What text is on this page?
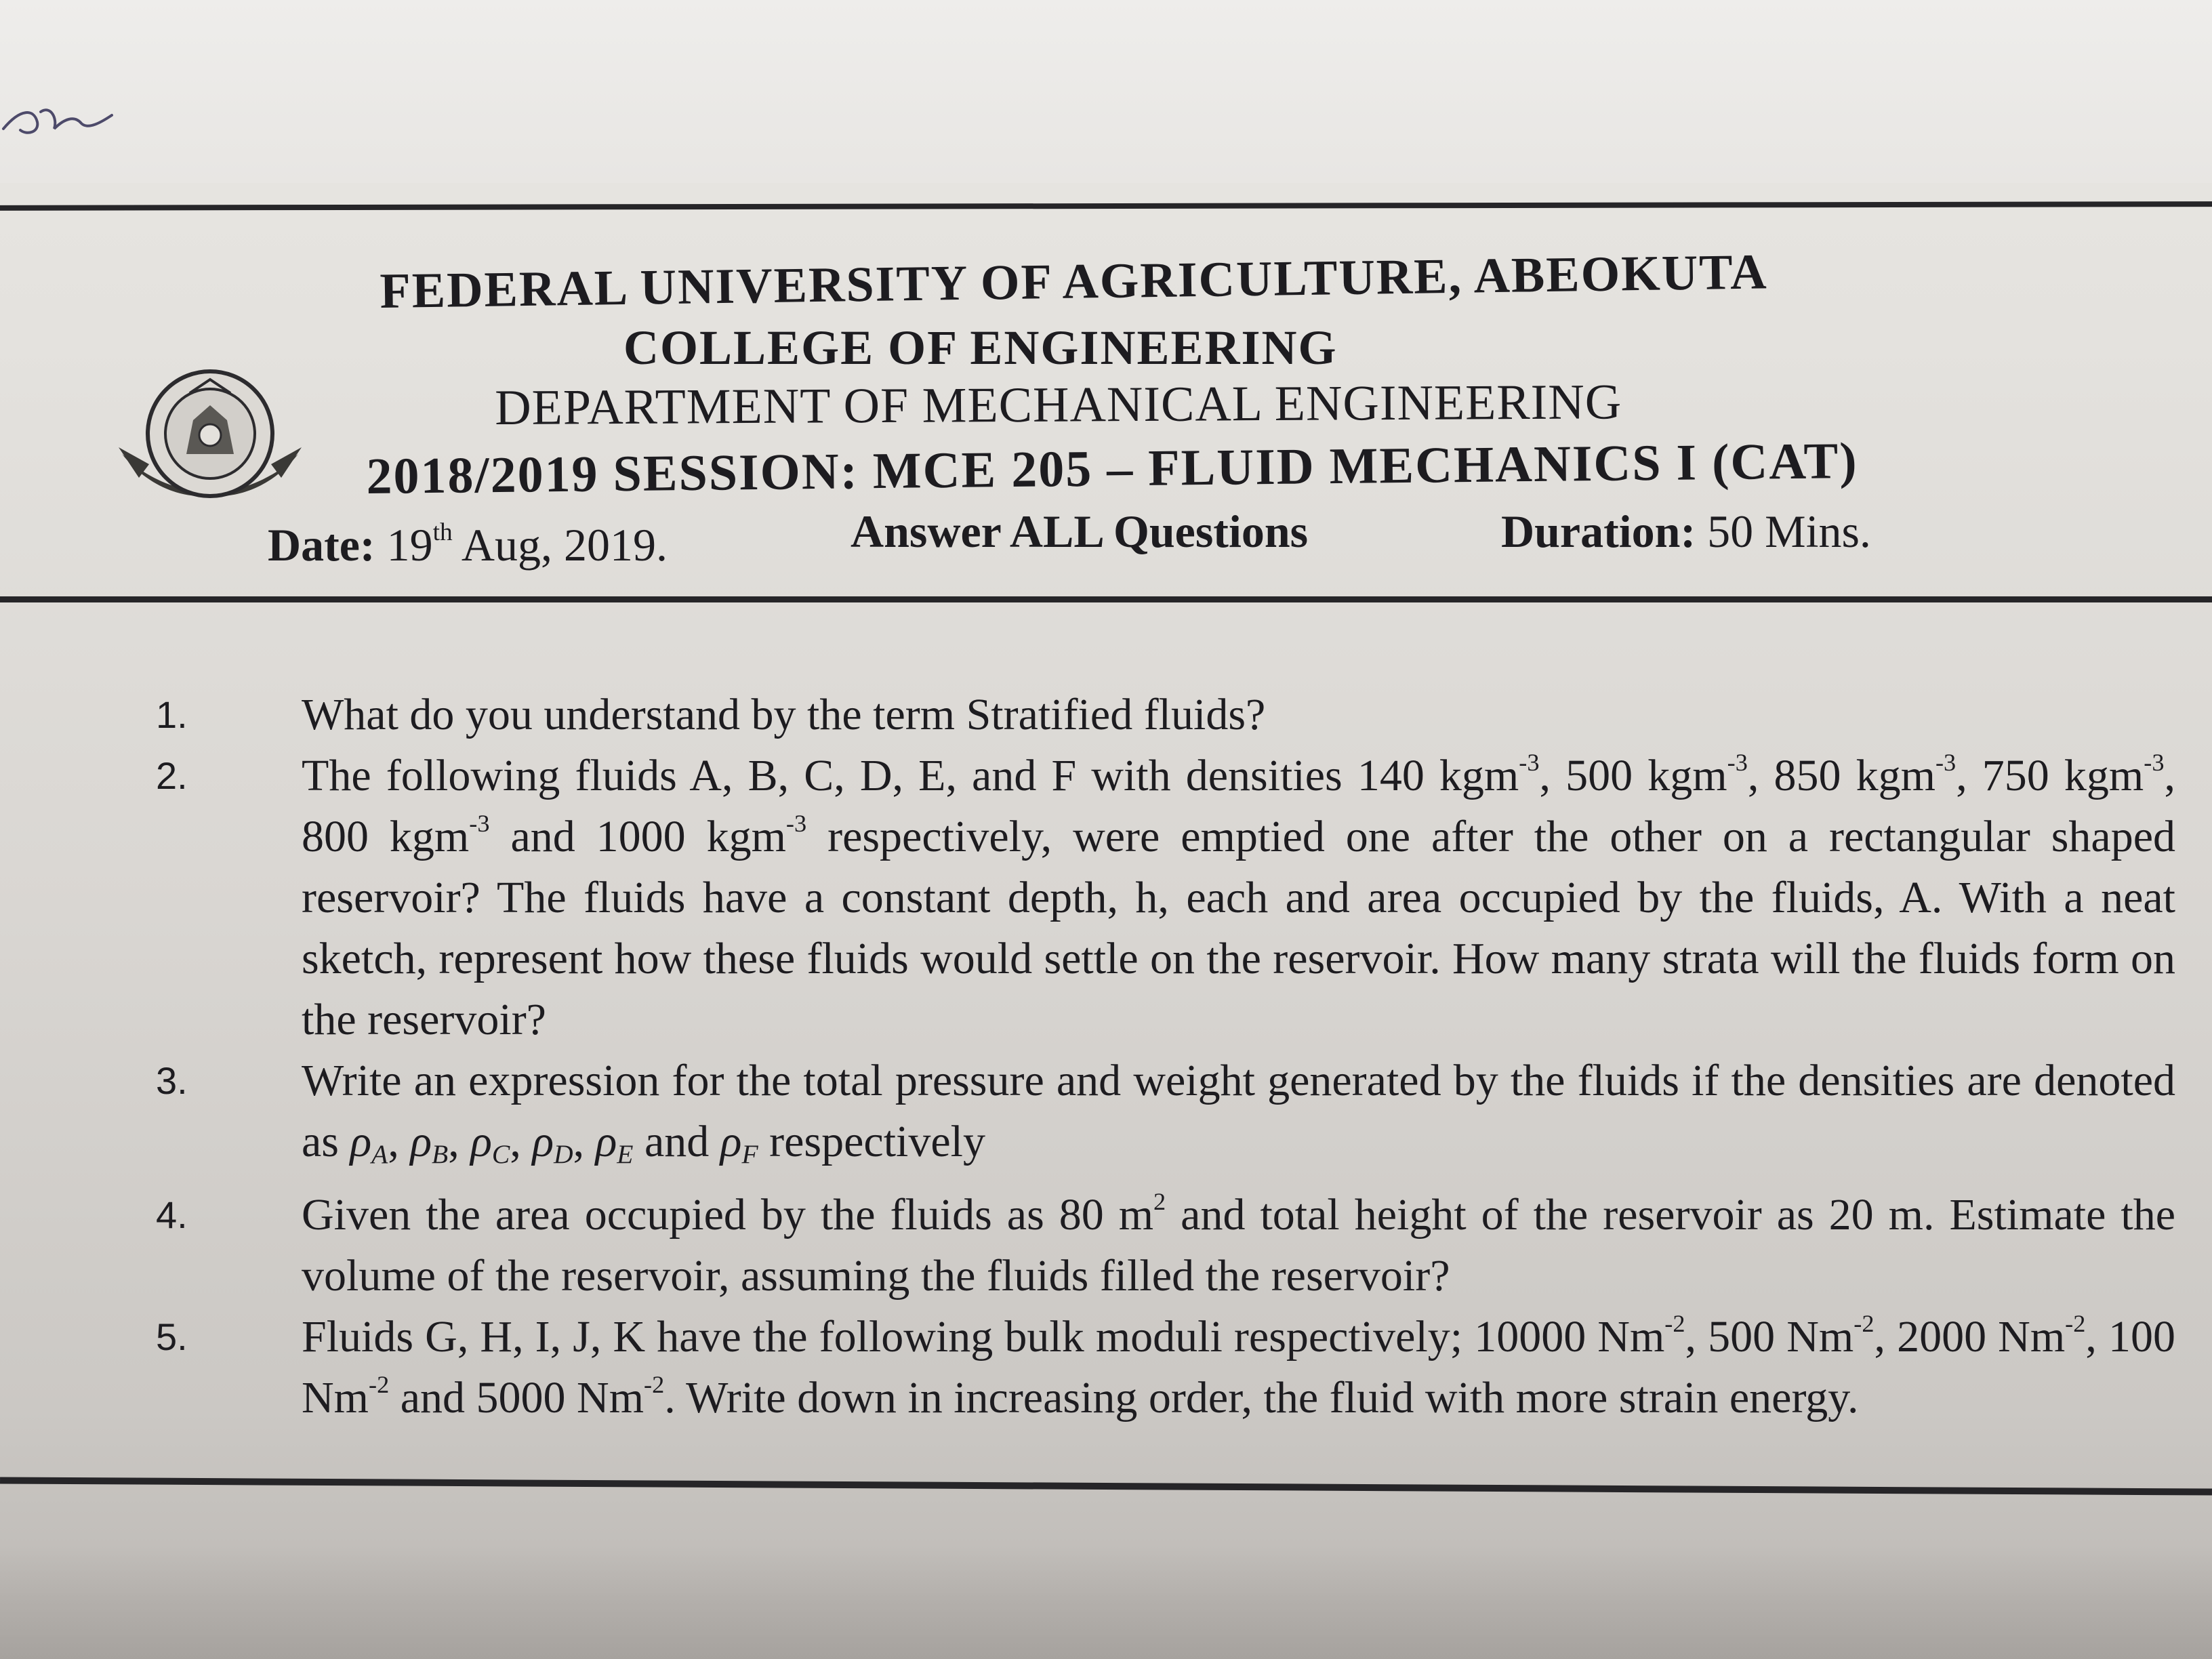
FEDERAL UNIVERSITY OF AGRICULTURE, ABEOKUTA
COLLEGE OF ENGINEERING
DEPARTMENT OF MECHANICAL ENGINEERING
2018/2019 SESSION: MCE 205 – FLUID MECHANICS I (CAT)
Date: 19th Aug, 2019.	Answer ALL Questions	Duration: 50 Mins.
1.	What do you understand by the term Stratified fluids?
2.	The following fluids A, B, C, D, E, and F with densities 140 kgm$^{-3}$, 500 kgm$^{-3}$, 850 kgm$^{-3}$, 750 kgm$^{-3}$, 800 kgm$^{-3}$ and 1000 kgm$^{-3}$ respectively, were emptied one after the other on a rectangular shaped reservoir? The fluids have a constant depth, h, each and area occupied by the fluids, A. With a neat sketch, represent how these fluids would settle on the reservoir. How many strata will the fluids form on the reservoir?
3.	Write an expression for the total pressure and weight generated by the fluids if the densities are denoted as $\rho_A$, $\rho_B$, $\rho_C$, $\rho_D$, $\rho_E$ and $\rho_F$ respectively
4.	Given the area occupied by the fluids as 80 $m^2$ and total height of the reservoir as 20 m. Estimate the volume of the reservoir, assuming the fluids filled the reservoir?
5.	Fluids G, H, I, J, K have the following bulk moduli respectively; 10000 $Nm^{-2}$, 500 $Nm^{-2}$, 2000 $Nm^{-2}$, 100 $Nm^{-2}$ and 5000 $Nm^{-2}$. Write down in increasing order, the fluid with more strain energy.
